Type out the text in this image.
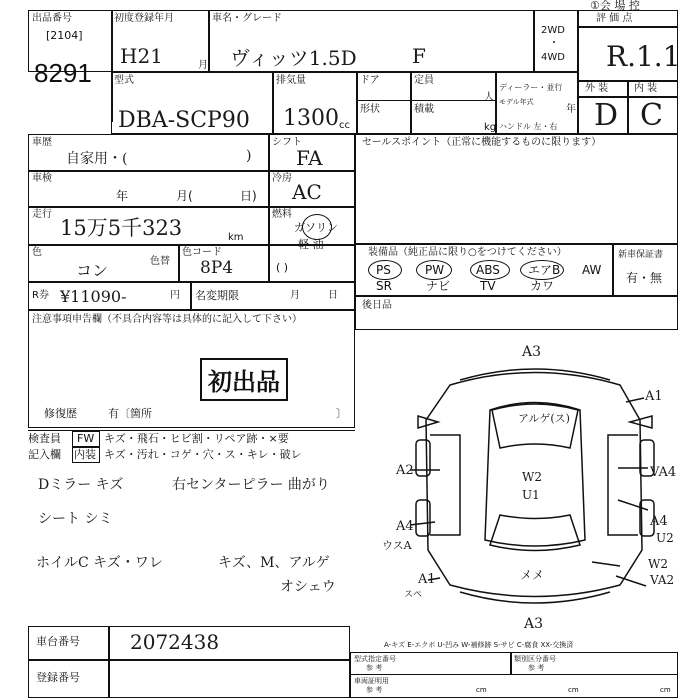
①会 場 控
出品番号
[2104]
8291
初度登録年月
H21	月
車名・グレード
ヴィッツ1.5D	F
2WD
・
4WD
評 価 点
R.1.1
外 装	内 装
D C
型式
DBA-SCP90
排気量
1300 cc
ドア	定員
人
形状	積載
kg
ディーラー・並行
モデル年式
年
ハンドル 左・右
車歴
自家用・(	)
シフト
FA
車検
年	月(	日)
冷房
AC
走行
15万5千323	km
燃料
ガソリン
軽 油
( )
色
コン	色替
色コード
8P4
R券 ¥11090-	円 名変期限	月	日
注意事項申告欄（不具合内容等は具体的に記入して下さい）
初出品
修復歴	有〔箇所	〕
セールスポイント（正常に機能するものに限ります）
装備品（純正品に限り○をつけてください）	新車保証書
有・無
PS	PW	ABS エアB AW
SR	ナビ TV	カワ
後日品
検査員
記入欄
FW キズ・飛石・ヒビ割・リペア跡・×要
内装 キズ・汚れ・コゲ・穴・ス・キレ・破レ
Dミラー キズ	右センターピラー 曲がり
シート シミ
ホイルC キズ・ワレ	キズ、M、アルゲ
オシェウ
A3
A1
アルゲ(ス)
A2	VA4
W2
U1
A4
ウスA
A4
U2
A1	メメ
W2
VA2
スペ
A3
A-キズ E-エクボ U-凹み W-補修跡 S-サビ C-腐食 XX-交換済
車台番号	2072438
登録番号
型式指定番号
参 考
類別区分番号
参 考
車両証明用
参 考	cm	cm	cm
